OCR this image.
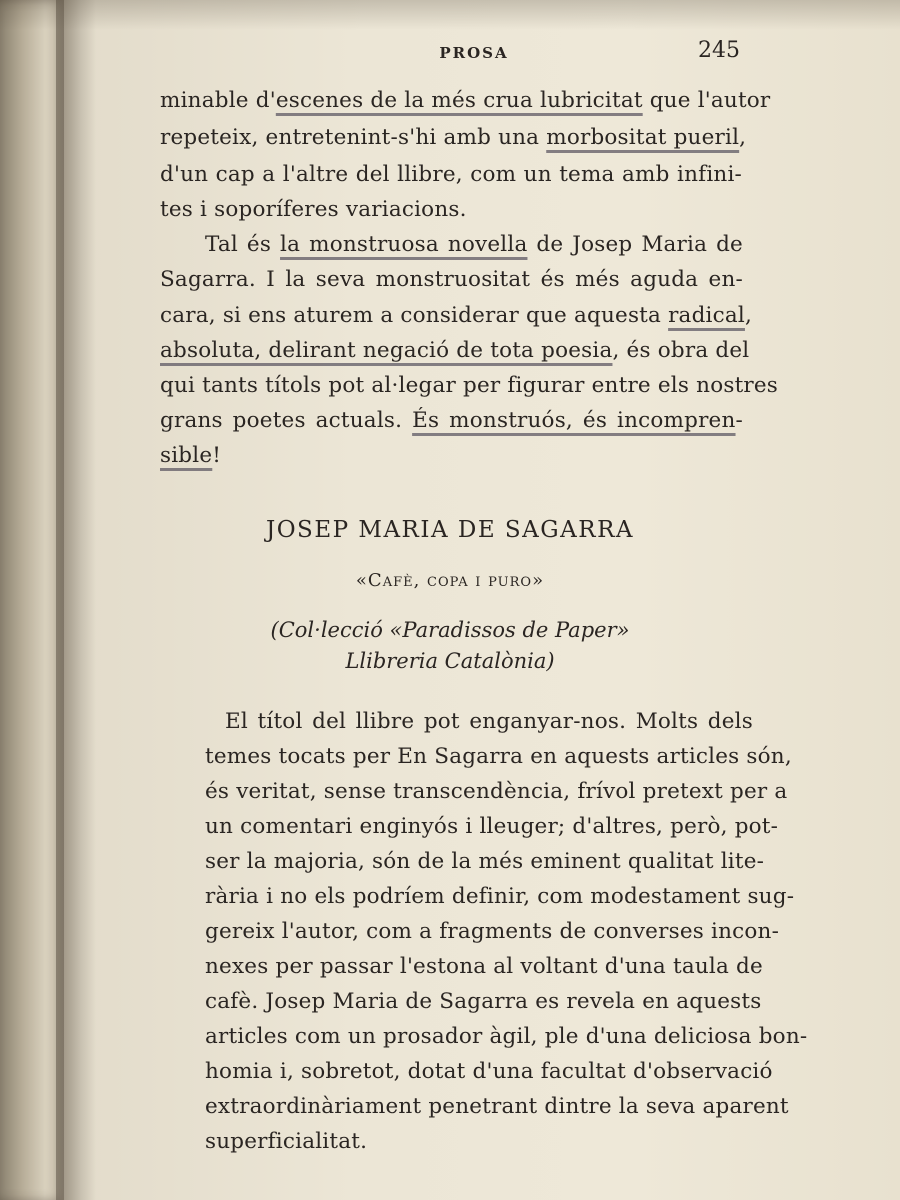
PROSA	245
minable d'escenes de la més crua lubricitat que l'autor
repeteix, entretenint-s'hi amb una morbositat pueril,
d'un cap a l'altre del llibre, com un tema amb infini-
tes i soporíferes variacions.
Tal és la monstruosa novella de Josep Maria de
Sagarra. I la seva monstruositat és més aguda en-
cara, si ens aturem a considerar que aquesta radical,
absoluta, delirant negació de tota poesia, és obra del
qui tants títols pot al·legar per figurar entre els nostres
grans poetes actuals. És monstruós, és incompren-
sible!
JOSEP MARIA DE SAGARRA
«Cafè, copa i puro»
(Col·lecció «Paradissos de Paper»
Llibreria Catalònia)
El títol del llibre pot enganyar-nos. Molts dels
temes tocats per En Sagarra en aquests articles són,
és veritat, sense transcendència, frívol pretext per a
un comentari enginyós i lleuger; d'altres, però, pot-
ser la majoria, són de la més eminent qualitat lite-
rària i no els podríem definir, com modestament sug-
gereix l'autor, com a fragments de converses incon-
nexes per passar l'estona al voltant d'una taula de
cafè. Josep Maria de Sagarra es revela en aquests
articles com un prosador àgil, ple d'una deliciosa bon-
homia i, sobretot, dotat d'una facultat d'observació
extraordinàriament penetrant dintre la seva aparent
superficialitat.
